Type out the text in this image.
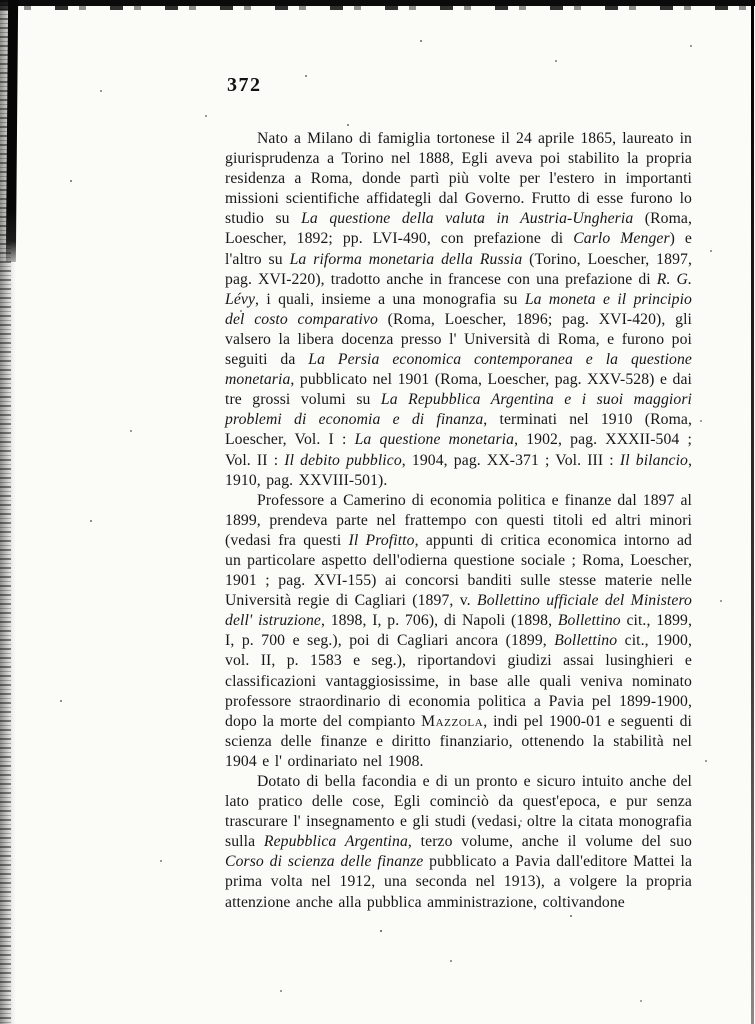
372

Nato a Milano di famiglia tortonese il 24 aprile 1865, laureato in giurisprudenza a Torino nel 1888, Egli aveva poi stabilito la propria residenza a Roma, donde partì più volte per l'estero in importanti missioni scientifiche affidategli dal Governo. Frutto di esse furono lo studio su La questione della valuta in Austria-Ungheria (Roma, Loescher, 1892; pp. LVI-490, con prefazione di Carlo Menger) e l'altro su La riforma monetaria della Russia (Torino, Loescher, 1897, pag. XVI-220), tradotto anche in francese con una prefazione di R. G. Lévy, i quali, insieme a una monografia su La moneta e il principio del costo comparativo (Roma, Loescher, 1896; pag. XVI-420), gli valsero la libera docenza presso l' Università di Roma, e furono poi seguiti da La Persia economica contemporanea e la questione monetaria, pubblicato nel 1901 (Roma, Loescher, pag. XXV-528) e dai tre grossi volumi su La Repubblica Argentina e i suoi maggiori problemi di economia e di finanza, terminati nel 1910 (Roma, Loescher, Vol. I : La questione monetaria, 1902, pag. XXXII-504 ; Vol. II : Il debito pubblico, 1904, pag. XX-371 ; Vol. III : Il bilancio, 1910, pag. XXVIII-501).

Professore a Camerino di economia politica e finanze dal 1897 al 1899, prendeva parte nel frattempo con questi titoli ed altri minori (vedasi fra questi Il Profitto, appunti di critica economica intorno ad un particolare aspetto dell'odierna questione sociale ; Roma, Loescher, 1901 ; pag. XVI-155) ai concorsi banditi sulle stesse materie nelle Università regie di Cagliari (1897, v. Bollettino ufficiale del Ministero dell' istruzione, 1898, I, p. 706), di Napoli (1898, Bollettino cit., 1899, I, p. 700 e seg.), poi di Cagliari ancora (1899, Bollettino cit., 1900, vol. II, p. 1583 e seg.), riportandovi giudizi assai lusinghieri e classificazioni vantaggiosissime, in base alle quali veniva nominato professore straordinario di economia politica a Pavia pel 1899-1900, dopo la morte del compianto Mazzola, indi pel 1900-01 e seguenti di scienza delle finanze e diritto finanziario, ottenendo la stabilità nel 1904 e l' ordinariato nel 1908.

Dotato di bella facondia e di un pronto e sicuro intuito anche del lato pratico delle cose, Egli cominciò da quest'epoca, e pur senza trascurare l' insegnamento e gli studi (vedasi, oltre la citata monografia sulla Repubblica Argentina, terzo volume, anche il volume del suo Corso di scienza delle finanze pubblicato a Pavia dall'editore Mattei la prima volta nel 1912, una seconda nel 1913), a volgere la propria attenzione anche alla pubblica amministrazione, coltivandone
